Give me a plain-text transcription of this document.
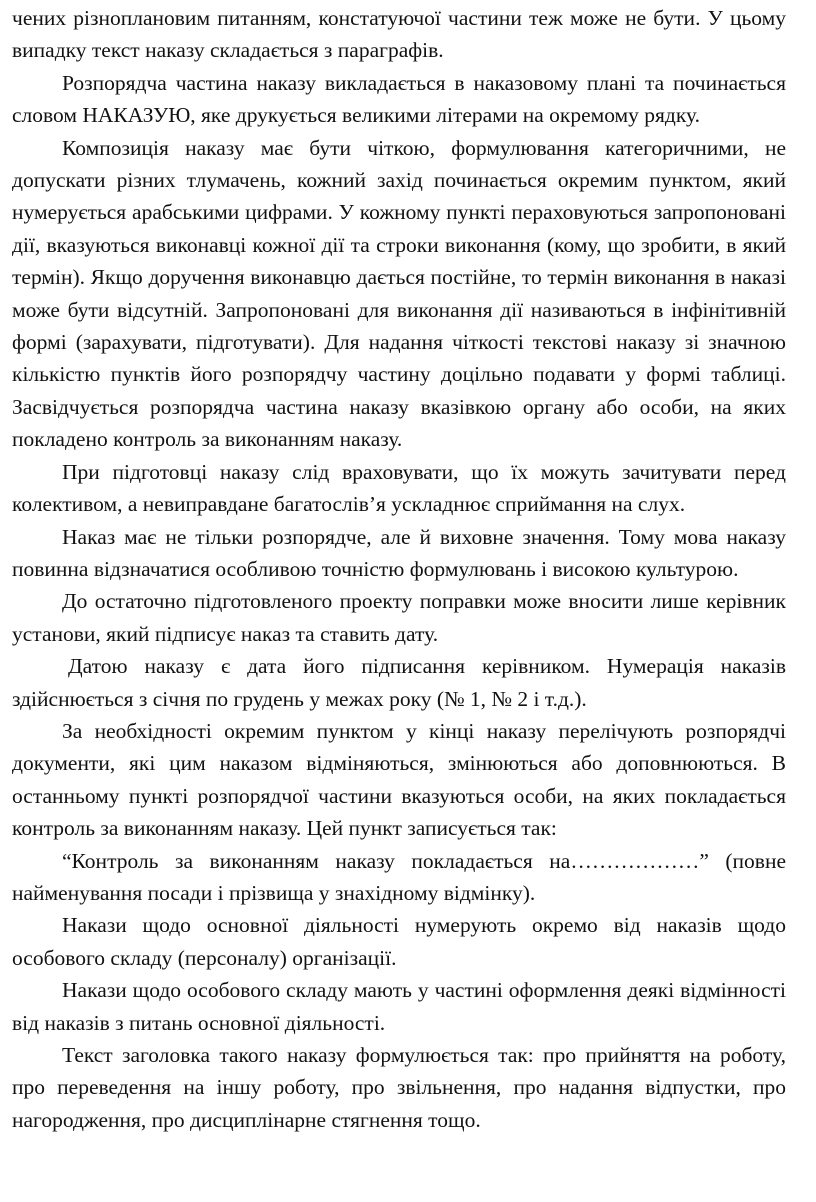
чених різноплановим питанням, констатуючої частини теж може не бути. У цьому випадку текст наказу складається з параграфів.

Розпорядча частина наказу викладається в наказовому плані та починається словом НАКАЗУЮ, яке друкується великими літерами на окремому рядку.

Композиція наказу має бути чіткою, формулювання категоричними, не допускати різних тлумачень, кожний захід починається окремим пунктом, який нумерується арабськими цифрами. У кожному пункті пераховуються запропоновані дії, вказуються виконавці кожної дії та строки виконання (кому, що зробити, в який термін). Якщо доручення виконавцю дається постійне, то термін виконання в наказі може бути відсутній. Запропоновані для виконання дії називаються в інфінітивній формі (зарахувати, підготувати). Для надання чіткості текстові наказу зі значною кількістю пунктів його розпорядчу частину доцільно подавати у формі таблиці. Засвідчується розпорядча частина наказу вказівкою органу або особи, на яких покладено контроль за виконанням наказу.

При підготовці наказу слід враховувати, що їх можуть зачитувати перед колективом, а невиправдане багатослів’я ускладнює сприймання на слух.

Наказ має не тільки розпорядче, але й виховне значення. Тому мова наказу повинна відзначатися особливою точністю формулювань і високою культурою.

До остаточно підготовленого проекту поправки може вносити лише керівник установи, який підписує наказ та ставить дату.

Датою наказу є дата його підписання керівником. Нумерація наказів здійснюється з січня по грудень у межах року (№ 1, № 2 і т.д.).

За необхідності окремим пунктом у кінці наказу перелічують розпорядчі документи, які цим наказом відміняються, змінюються або доповнюються. В останньому пункті розпорядчої частини вказуються особи, на яких покладається контроль за виконанням наказу. Цей пункт записується так:

“Контроль за виконанням наказу покладається на………………” (повне найменування посади і прізвища у знахідному відмінку).

Накази щодо основної діяльності нумерують окремо від наказів щодо особового складу (персоналу) організації.

Накази щодо особового складу мають у частині оформлення деякі відмінності від наказів з питань основної діяльності.

Текст заголовка такого наказу формулюється так: про прийняття на роботу, про переведення на іншу роботу, про звільнення, про надання відпустки, про нагородження, про дисциплінарне стягнення тощо.
